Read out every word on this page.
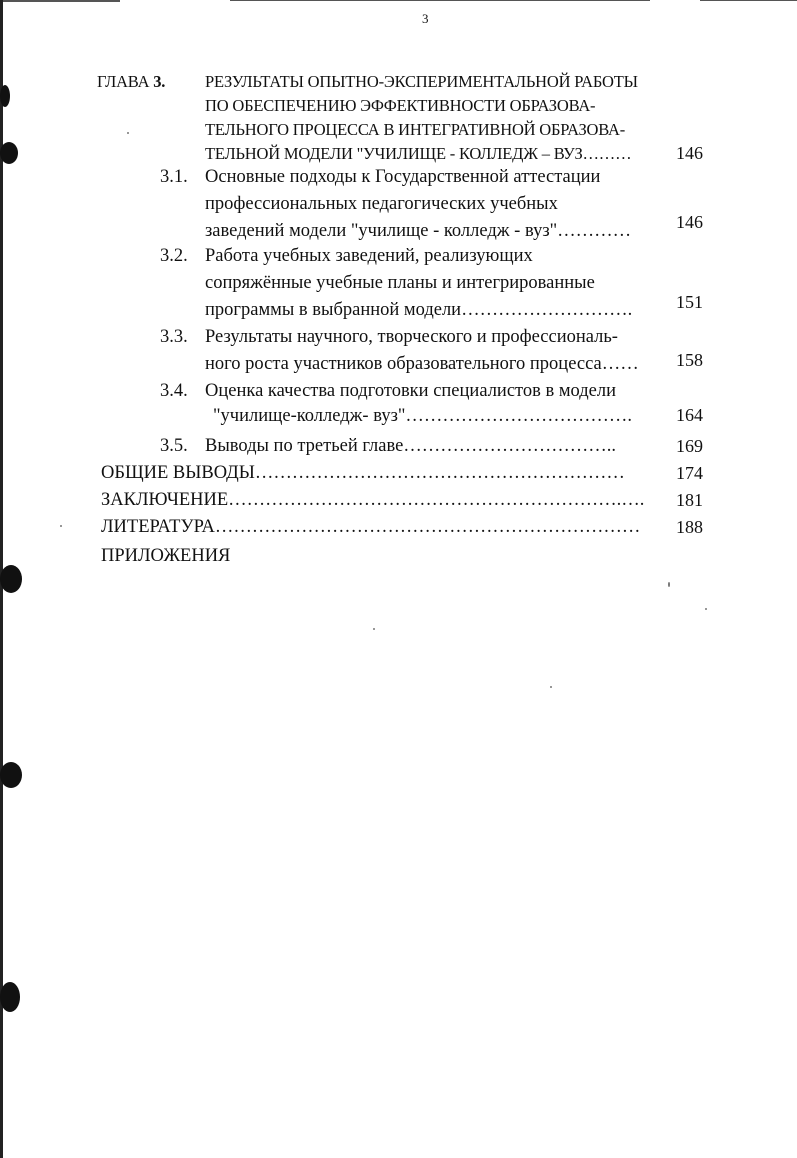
3
ГЛАВА 3. РЕЗУЛЬТАТЫ ОПЫТНО-ЭКСПЕРИМЕНТАЛЬНОЙ РАБОТЫ
ПО ОБЕСПЕЧЕНИЮ ЭФФЕКТИВНОСТИ ОБРАЗОВА-
ТЕЛЬНОГО ПРОЦЕССА В ИНТЕГРАТИВНОЙ ОБРАЗОВА-
ТЕЛЬНОЙ МОДЕЛИ "УЧИЛИЩЕ - КОЛЛЕДЖ – ВУЗ……… 146
3.1. Основные подходы к Государственной аттестации
профессиональных педагогических учебных
заведений модели "училище - колледж - вуз"………… 146
3.2. Работа учебных заведений, реализующих
сопряжённые учебные планы и интегрированные
программы в выбранной модели………………………. 151
3.3. Результаты научного, творческого и профессиональ-
ного роста участников образовательного процесса…… 158
3.4. Оценка качества подготовки специалистов в модели
"училище-колледж- вуз"………………………………. 164
3.5. Выводы по третьей главе……………………………..	169
ОБЩИЕ ВЫВОДЫ……………………………………………………	174
ЗАКЛЮЧЕНИЕ……………………………………………………….…. 181
ЛИТЕРАТУРА…………………………………………………………… 188
ПРИЛОЖЕНИЯ
